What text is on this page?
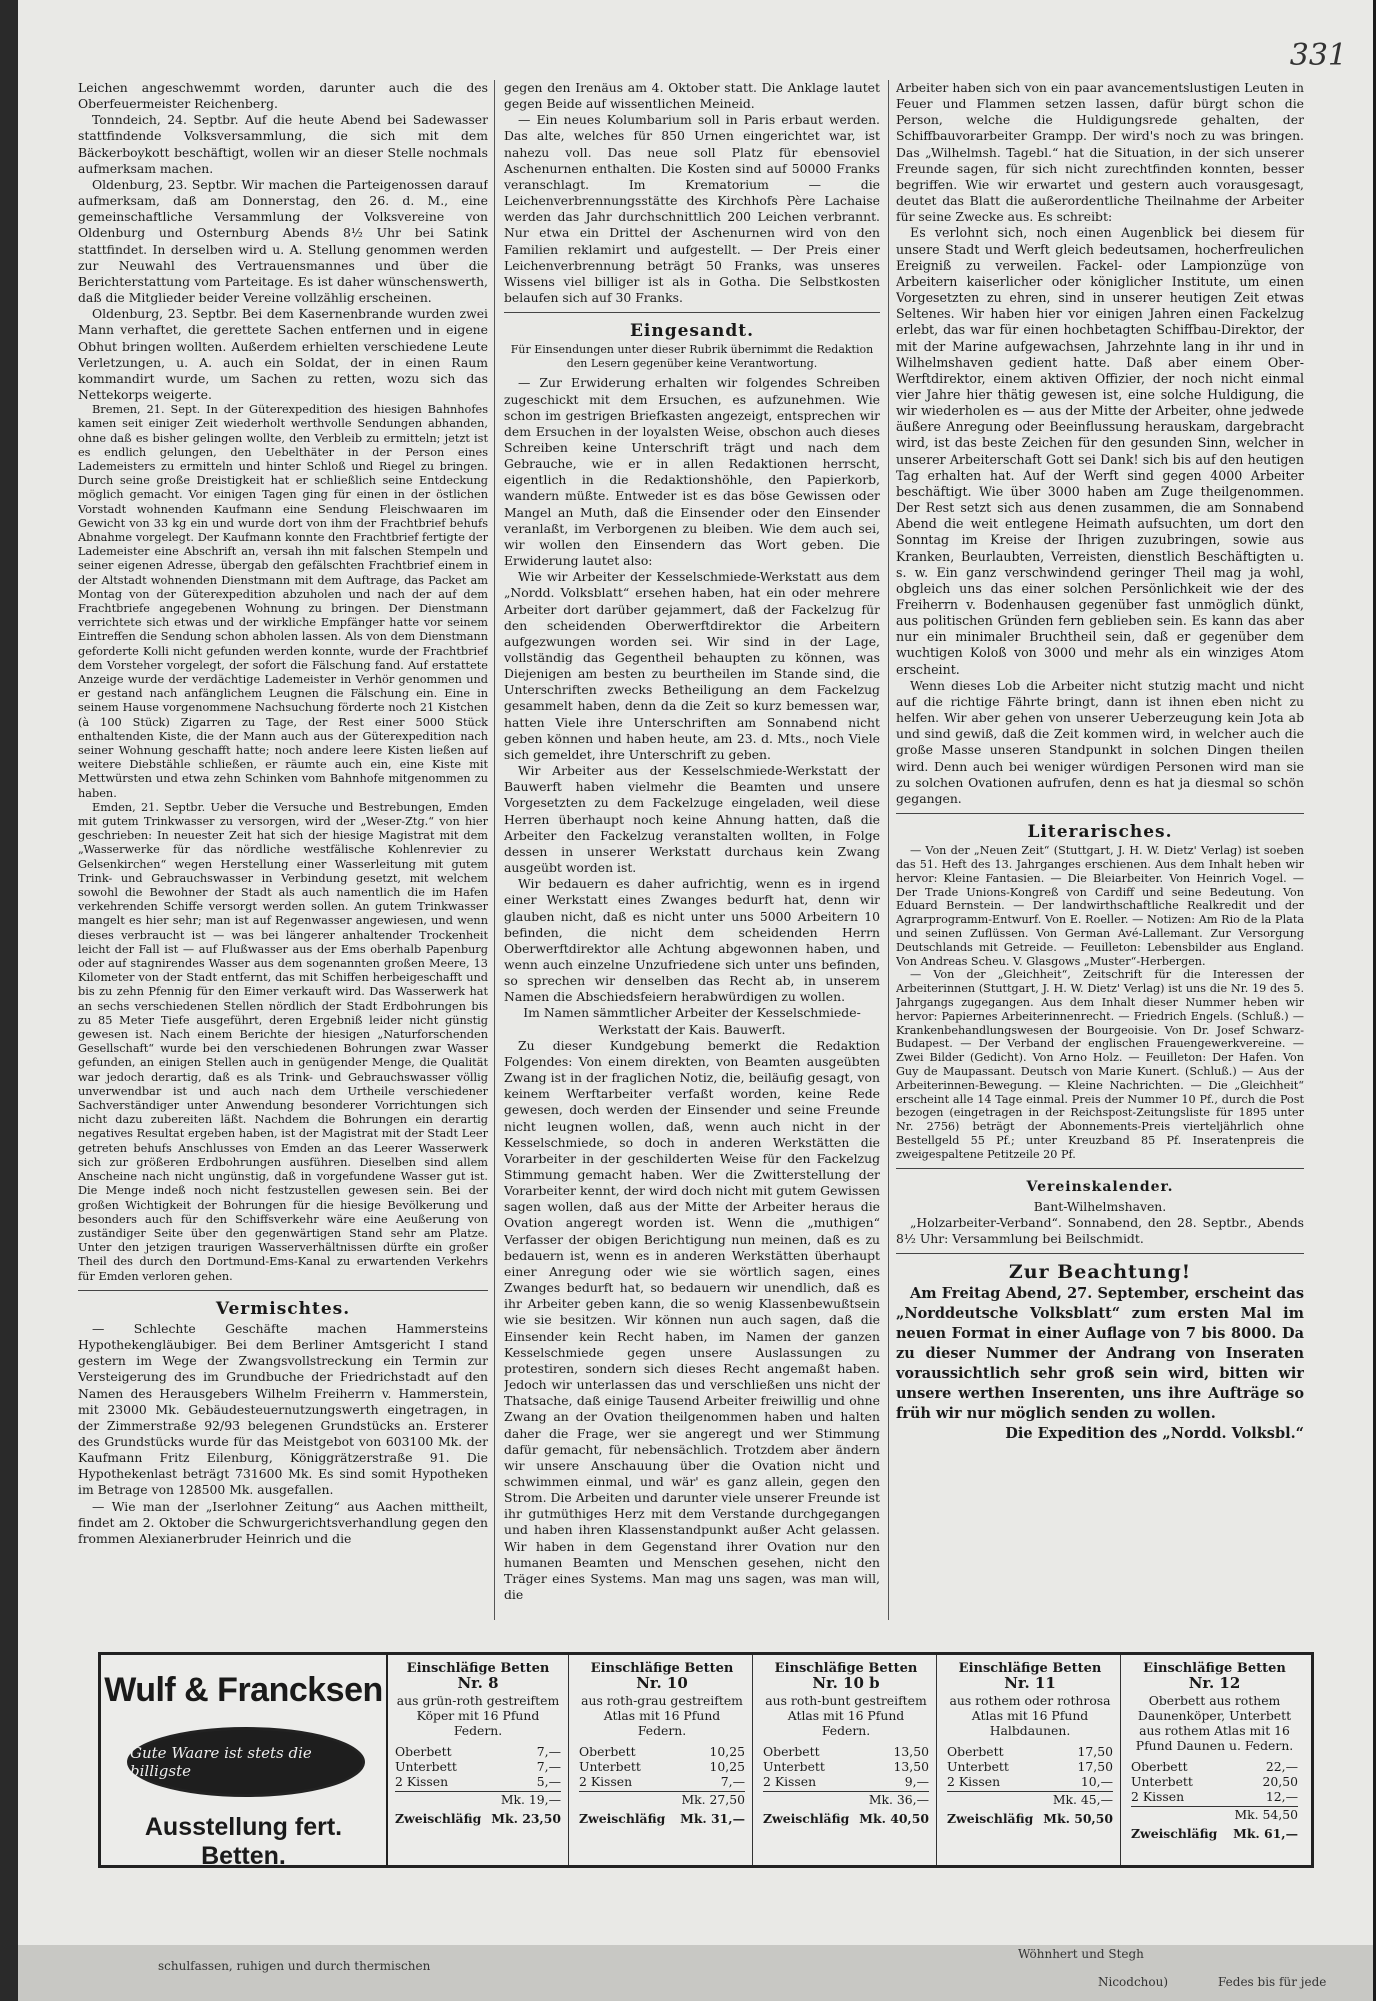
331

Leichen angeschwemmt worden, darunter auch die des Oberfeuermeister Reichenberg.

Tonndeich, 24. Septbr. Auf die heute Abend bei Sadewasser stattfindende Volksversammlung, die sich mit dem Bäckerboykott beschäftigt, wollen wir an dieser Stelle nochmals aufmerksam machen.

Oldenburg, 23. Septbr. Wir machen die Parteigenossen darauf aufmerksam, daß am Donnerstag, den 26. d. M., eine gemeinschaftliche Versammlung der Volksvereine von Oldenburg und Osternburg Abends 8½ Uhr bei Satink stattfindet. In derselben wird u. A. Stellung genommen werden zur Neuwahl des Vertrauensmannes und über die Berichterstattung vom Parteitage. Es ist daher wünschenswerth, daß die Mitglieder beider Vereine vollzählig erscheinen.

Oldenburg, 23. Septbr. Bei dem Kasernenbrande wurden zwei Mann verhaftet, die gerettete Sachen entfernen und in eigene Obhut bringen wollten. Außerdem erhielten verschiedene Leute Verletzungen, u. A. auch ein Soldat, der in einen Raum kommandirt wurde, um Sachen zu retten, wozu sich das Nettekorps weigerte.

Bremen, 21. Sept. In der Güterexpedition des hiesigen Bahnhofes kamen seit einiger Zeit wiederholt werthvolle Sendungen abhanden, ohne daß es bisher gelingen wollte, den Verbleib zu ermitteln; jetzt ist es endlich gelungen, den Uebelthäter in der Person eines Lademeisters zu ermitteln und hinter Schloß und Riegel zu bringen. Durch seine große Dreistigkeit hat er schließlich seine Entdeckung möglich gemacht. Vor einigen Tagen ging für einen in der östlichen Vorstadt wohnenden Kaufmann eine Sendung Fleischwaaren im Gewicht von 33 kg ein und wurde dort von ihm der Frachtbrief behufs Abnahme vorgelegt. Der Kaufmann konnte den Frachtbrief fertigte der Lademeister eine Abschrift an, versah ihn mit falschen Stempeln und seiner eigenen Adresse, übergab den gefälschten Frachtbrief einem in der Altstadt wohnenden Dienstmann mit dem Auftrage, das Packet am Montag von der Güterexpedition abzuholen und nach der auf dem Frachtbriefe angegebenen Wohnung zu bringen. Der Dienstmann verrichtete sich etwas und der wirkliche Empfänger hatte vor seinem Eintreffen die Sendung schon abholen lassen. Als von dem Dienstmann geforderte Kolli nicht gefunden werden konnte, wurde der Frachtbrief dem Vorsteher vorgelegt, der sofort die Fälschung fand. Auf erstattete Anzeige wurde der verdächtige Lademeister in Verhör genommen und er gestand nach anfänglichem Leugnen die Fälschung ein. Eine in seinem Hause vorgenommene Nachsuchung förderte noch 21 Kistchen (à 100 Stück) Zigarren zu Tage, der Rest einer 5000 Stück enthaltenden Kiste, die der Mann auch aus der Güterexpedition nach seiner Wohnung geschafft hatte; noch andere leere Kisten ließen auf weitere Diebstähle schließen, er räumte auch ein, eine Kiste mit Mettwürsten und etwa zehn Schinken vom Bahnhofe mitgenommen zu haben.

Emden, 21. Septbr. Ueber die Versuche und Bestrebungen, Emden mit gutem Trinkwasser zu versorgen, wird der „Weser-Ztg.“ von hier geschrieben: In neuester Zeit hat sich der hiesige Magistrat mit dem „Wasserwerke für das nördliche westfälische Kohlenrevier zu Gelsenkirchen“ wegen Herstellung einer Wasserleitung mit gutem Trink- und Gebrauchswasser in Verbindung gesetzt, mit welchem sowohl die Bewohner der Stadt als auch namentlich die im Hafen verkehrenden Schiffe versorgt werden sollen. An gutem Trinkwasser mangelt es hier sehr; man ist auf Regenwasser angewiesen, und wenn dieses verbraucht ist — was bei längerer anhaltender Trockenheit leicht der Fall ist — auf Flußwasser aus der Ems oberhalb Papenburg oder auf stagnirendes Wasser aus dem sogenannten großen Meere, 13 Kilometer von der Stadt entfernt, das mit Schiffen herbeigeschafft und bis zu zehn Pfennig für den Eimer verkauft wird. Das Wasserwerk hat an sechs verschiedenen Stellen nördlich der Stadt Erdbohrungen bis zu 85 Meter Tiefe ausgeführt, deren Ergebniß leider nicht günstig gewesen ist. Nach einem Berichte der hiesigen „Naturforschenden Gesellschaft“ wurde bei den verschiedenen Bohrungen zwar Wasser gefunden, an einigen Stellen auch in genügender Menge, die Qualität war jedoch derartig, daß es als Trink- und Gebrauchswasser völlig unverwendbar ist und auch nach dem Urtheile verschiedener Sachverständiger unter Anwendung besonderer Vorrichtungen sich nicht dazu zubereiten läßt. Nachdem die Bohrungen ein derartig negatives Resultat ergeben haben, ist der Magistrat mit der Stadt Leer getreten behufs Anschlusses von Emden an das Leerer Wasserwerk sich zur größeren Erdbohrungen ausführen. Dieselben sind allem Anscheine nach nicht ungünstig, daß in vorgefundene Wasser gut ist. Die Menge indeß noch nicht festzustellen gewesen sein. Bei der großen Wichtigkeit der Bohrungen für die hiesige Bevölkerung und besonders auch für den Schiffsverkehr wäre eine Aeußerung von zuständiger Seite über den gegenwärtigen Stand sehr am Platze. Unter den jetzigen traurigen Wasserverhältnissen dürfte ein großer Theil des durch den Dortmund-Ems-Kanal zu erwartenden Verkehrs für Emden verloren gehen.

Vermischtes.

— Schlechte Geschäfte machen Hammersteins Hypothekengläubiger. Bei dem Berliner Amtsgericht I stand gestern im Wege der Zwangsvollstreckung ein Termin zur Versteigerung des im Grundbuche der Friedrichstadt auf den Namen des Herausgebers Wilhelm Freiherrn v. Hammerstein, mit 23000 Mk. Gebäudesteuernutzungswerth eingetragen, in der Zimmerstraße 92/93 belegenen Grundstücks an. Ersterer des Grundstücks wurde für das Meistgebot von 603100 Mk. der Kaufmann Fritz Eilenburg, Königgrätzerstraße 91. Die Hypothekenlast beträgt 731600 Mk. Es sind somit Hypotheken im Betrage von 128500 Mk. ausgefallen.

— Wie man der „Iserlohner Zeitung“ aus Aachen mittheilt, findet am 2. Oktober die Schwurgerichtsverhandlung gegen den frommen Alexianerbruder Heinrich und die

gegen den Irenäus am 4. Oktober statt. Die Anklage lautet gegen Beide auf wissentlichen Meineid.

— Ein neues Kolumbarium soll in Paris erbaut werden. Das alte, welches für 850 Urnen eingerichtet war, ist nahezu voll. Das neue soll Platz für ebensoviel Aschenurnen enthalten. Die Kosten sind auf 50000 Franks veranschlagt. Im Krematorium — die Leichenverbrennungsstätte des Kirchhofs Père Lachaise werden das Jahr durchschnittlich 200 Leichen verbrannt. Nur etwa ein Drittel der Aschenurnen wird von den Familien reklamirt und aufgestellt. — Der Preis einer Leichenverbrennung beträgt 50 Franks, was unseres Wissens viel billiger ist als in Gotha. Die Selbstkosten belaufen sich auf 30 Franks.

Eingesandt.
Für Einsendungen unter dieser Rubrik übernimmt die Redaktion den Lesern gegenüber keine Verantwortung.

— Zur Erwiderung erhalten wir folgendes Schreiben zugeschickt mit dem Ersuchen, es aufzunehmen. Wie schon im gestrigen Briefkasten angezeigt, entsprechen wir dem Ersuchen in der loyalsten Weise, obschon auch dieses Schreiben keine Unterschrift trägt und nach dem Gebrauche, wie er in allen Redaktionen herrscht, eigentlich in die Redaktionshöhle, den Papierkorb, wandern müßte. Entweder ist es das böse Gewissen oder Mangel an Muth, daß die Einsender oder den Einsender veranlaßt, im Verborgenen zu bleiben. Wie dem auch sei, wir wollen den Einsendern das Wort geben. Die Erwiderung lautet also:

Wie wir Arbeiter der Kesselschmiede-Werkstatt aus dem „Nordd. Volksblatt“ ersehen haben, hat ein oder mehrere Arbeiter dort darüber gejammert, daß der Fackelzug für den scheidenden Oberwerftdirektor die Arbeitern aufgezwungen worden sei. Wir sind in der Lage, vollständig das Gegentheil behaupten zu können, was Diejenigen am besten zu beurtheilen im Stande sind, die Unterschriften zwecks Betheiligung an dem Fackelzug gesammelt haben, denn da die Zeit so kurz bemessen war, hatten Viele ihre Unterschriften am Sonnabend nicht geben können und haben heute, am 23. d. Mts., noch Viele sich gemeldet, ihre Unterschrift zu geben.

Wir Arbeiter aus der Kesselschmiede-Werkstatt der Bauwerft haben vielmehr die Beamten und unsere Vorgesetzten zu dem Fackelzuge eingeladen, weil diese Herren überhaupt noch keine Ahnung hatten, daß die Arbeiter den Fackelzug veranstalten wollten, in Folge dessen in unserer Werkstatt durchaus kein Zwang ausgeübt worden ist.

Wir bedauern es daher aufrichtig, wenn es in irgend einer Werkstatt eines Zwanges bedurft hat, denn wir glauben nicht, daß es nicht unter uns 5000 Arbeitern 10 befinden, die nicht dem scheidenden Herrn Oberwerftdirektor alle Achtung abgewonnen haben, und wenn auch einzelne Unzufriedene sich unter uns befinden, so sprechen wir denselben das Recht ab, in unserem Namen die Abschiedsfeiern herabwürdigen zu wollen.

Im Namen sämmtlicher Arbeiter der Kesselschmiede-Werkstatt der Kais. Bauwerft.

Zu dieser Kundgebung bemerkt die Redaktion Folgendes: Von einem direkten, von Beamten ausgeübten Zwang ist in der fraglichen Notiz, die, beiläufig gesagt, von keinem Werftarbeiter verfaßt worden, keine Rede gewesen, doch werden der Einsender und seine Freunde nicht leugnen wollen, daß, wenn auch nicht in der Kesselschmiede, so doch in anderen Werkstätten die Vorarbeiter in der geschilderten Weise für den Fackelzug Stimmung gemacht haben. Wer die Zwitterstellung der Vorarbeiter kennt, der wird doch nicht mit gutem Gewissen sagen wollen, daß aus der Mitte der Arbeiter heraus die Ovation angeregt worden ist. Wenn die „muthigen“ Verfasser der obigen Berichtigung nun meinen, daß es zu bedauern ist, wenn es in anderen Werkstätten überhaupt einer Anregung oder wie sie wörtlich sagen, eines Zwanges bedurft hat, so bedauern wir unendlich, daß es ihr Arbeiter geben kann, die so wenig Klassenbewußtsein wie sie besitzen. Wir können nun auch sagen, daß die Einsender kein Recht haben, im Namen der ganzen Kesselschmiede gegen unsere Auslassungen zu protestiren, sondern sich dieses Recht angemaßt haben. Jedoch wir unterlassen das und verschließen uns nicht der Thatsache, daß einige Tausend Arbeiter freiwillig und ohne Zwang an der Ovation theilgenommen haben und halten daher die Frage, wer sie angeregt und wer Stimmung dafür gemacht, für nebensächlich. Trotzdem aber ändern wir unsere Anschauung über die Ovation nicht und schwimmen einmal, und wär' es ganz allein, gegen den Strom. Die Arbeiten und darunter viele unserer Freunde ist ihr gutmüthiges Herz mit dem Verstande durchgegangen und haben ihren Klassenstandpunkt außer Acht gelassen. Wir haben in dem Gegenstand ihrer Ovation nur den humanen Beamten und Menschen gesehen, nicht den Träger eines Systems. Man mag uns sagen, was man will, die

Arbeiter haben sich von ein paar avancementslustigen Leuten in Feuer und Flammen setzen lassen, dafür bürgt schon die Person, welche die Huldigungsrede gehalten, der Schiffbauvorarbeiter Grampp. Der wird's noch zu was bringen. Das „Wilhelmsh. Tagebl.“ hat die Situation, in der sich unserer Freunde sagen, für sich nicht zurechtfinden konnten, besser begriffen. Wie wir erwartet und gestern auch vorausgesagt, deutet das Blatt die außerordentliche Theilnahme der Arbeiter für seine Zwecke aus. Es schreibt:

Es verlohnt sich, noch einen Augenblick bei diesem für unsere Stadt und Werft gleich bedeutsamen, hocherfreulichen Ereigniß zu verweilen. Fackel- oder Lampionzüge von Arbeitern kaiserlicher oder königlicher Institute, um einen Vorgesetzten zu ehren, sind in unserer heutigen Zeit etwas Seltenes. Wir haben hier vor einigen Jahren einen Fackelzug erlebt, das war für einen hochbetagten Schiffbau-Direktor, der mit der Marine aufgewachsen, Jahrzehnte lang in ihr und in Wilhelmshaven gedient hatte. Daß aber einem Ober-Werftdirektor, einem aktiven Offizier, der noch nicht einmal vier Jahre hier thätig gewesen ist, eine solche Huldigung, die wir wiederholen es — aus der Mitte der Arbeiter, ohne jedwede äußere Anregung oder Beeinflussung herauskam, dargebracht wird, ist das beste Zeichen für den gesunden Sinn, welcher in unserer Arbeiterschaft Gott sei Dank! sich bis auf den heutigen Tag erhalten hat. Auf der Werft sind gegen 4000 Arbeiter beschäftigt. Wie über 3000 haben am Zuge theilgenommen. Der Rest setzt sich aus denen zusammen, die am Sonnabend Abend die weit entlegene Heimath aufsuchten, um dort den Sonntag im Kreise der Ihrigen zuzubringen, sowie aus Kranken, Beurlaubten, Verreisten, dienstlich Beschäftigten u. s. w. Ein ganz verschwindend geringer Theil mag ja wohl, obgleich uns das einer solchen Persönlichkeit wie der des Freiherrn v. Bodenhausen gegenüber fast unmöglich dünkt, aus politischen Gründen fern geblieben sein. Es kann das aber nur ein minimaler Bruchtheil sein, daß er gegenüber dem wuchtigen Koloß von 3000 und mehr als ein winziges Atom erscheint.

Wenn dieses Lob die Arbeiter nicht stutzig macht und nicht auf die richtige Fährte bringt, dann ist ihnen eben nicht zu helfen. Wir aber gehen von unserer Ueberzeugung kein Jota ab und sind gewiß, daß die Zeit kommen wird, in welcher auch die große Masse unseren Standpunkt in solchen Dingen theilen wird. Denn auch bei weniger würdigen Personen wird man sie zu solchen Ovationen aufrufen, denn es hat ja diesmal so schön gegangen.

Literarisches.

— Von der „Neuen Zeit“ (Stuttgart, J. H. W. Dietz' Verlag) ist soeben das 51. Heft des 13. Jahrganges erschienen. Aus dem Inhalt heben wir hervor: Kleine Fantasien. — Die Bleiarbeiter. Von Heinrich Vogel. — Der Trade Unions-Kongreß von Cardiff und seine Bedeutung. Von Eduard Bernstein. — Der landwirthschaftliche Realkredit und der Agrarprogramm-Entwurf. Von E. Roeller. — Notizen: Am Rio de la Plata und seinen Zuflüssen. Von German Avé-Lallemant. Zur Versorgung Deutschlands mit Getreide. — Feuilleton: Lebensbilder aus England. Von Andreas Scheu. V. Glasgows „Muster“-Herbergen.

— Von der „Gleichheit“, Zeitschrift für die Interessen der Arbeiterinnen (Stuttgart, J. H. W. Dietz' Verlag) ist uns die Nr. 19 des 5. Jahrgangs zugegangen. Aus dem Inhalt dieser Nummer heben wir hervor: Papiernes Arbeiterinnenrecht. — Friedrich Engels. (Schluß.) — Krankenbehandlungswesen der Bourgeoisie. Von Dr. Josef Schwarz-Budapest. — Der Verband der englischen Frauengewerkvereine. — Zwei Bilder (Gedicht). Von Arno Holz. — Feuilleton: Der Hafen. Von Guy de Maupassant. Deutsch von Marie Kunert. (Schluß.) — Aus der Arbeiterinnen-Bewegung. — Kleine Nachrichten. — Die „Gleichheit“ erscheint alle 14 Tage einmal. Preis der Nummer 10 Pf., durch die Post bezogen (eingetragen in der Reichspost-Zeitungsliste für 1895 unter Nr. 2756) beträgt der Abonnements-Preis vierteljährlich ohne Bestellgeld 55 Pf.; unter Kreuzband 85 Pf. Inseratenpreis die zweigespaltene Petitzeile 20 Pf.

Vereinskalender.

Bant-Wilhelmshaven.

„Holzarbeiter-Verband“. Sonnabend, den 28. Septbr., Abends 8½ Uhr: Versammlung bei Beilschmidt.

Zur Beachtung!

Am Freitag Abend, 27. September, erscheint das „Norddeutsche Volksblatt“ zum ersten Mal im neuen Format in einer Auflage von 7 bis 8000. Da zu dieser Nummer der Andrang von Inseraten voraussichtlich sehr groß sein wird, bitten wir unsere werthen Inserenten, uns ihre Aufträge so früh wir nur möglich senden zu wollen.

Die Expedition des „Nordd. Volksbl.“

Wulf & Francksen
Gute Waare ist stets die billigste
Ausstellung fert. Betten.
Einschläfige Betten
Nr. 8
aus grün-roth gestreiftem Köper mit 16 Pfund Federn.
Oberbett	7,—
Unterbett	7,—
2 Kissen	5,—
Mk. 19,—
Zweischläfig Mk. 23,50
Einschläfige Betten
Nr. 10
aus roth-grau gestreiftem Atlas mit 16 Pfund Federn.
Oberbett	10,25
Unterbett	10,25
2 Kissen	7,—
Mk. 27,50
Zweischläfig Mk. 31,—
Einschläfige Betten
Nr. 10 b
aus roth-bunt gestreiftem Atlas mit 16 Pfund Federn.
Oberbett	13,50
Unterbett	13,50
2 Kissen	9,—
Mk. 36,—
Zweischläfig Mk. 40,50
Einschläfige Betten
Nr. 11
aus rothem oder rothrosa Atlas mit 16 Pfund Halbdaunen.
Oberbett	17,50
Unterbett	17,50
2 Kissen	10,—
Mk. 45,—
Zweischläfig Mk. 50,50
Einschläfige Betten
Nr. 12
Oberbett aus rothem Daunenköper, Unterbett aus rothem Atlas mit 16 Pfund Daunen u. Federn.
Oberbett	22,—
Unterbett	20,50
2 Kissen	12,—
Mk. 54,50
Zweischläfig Mk. 61,—
schulfassen, ruhigen und durch thermischen
Wöhnhert und Stegh
Nicodchou)	Fedes bis für jede
